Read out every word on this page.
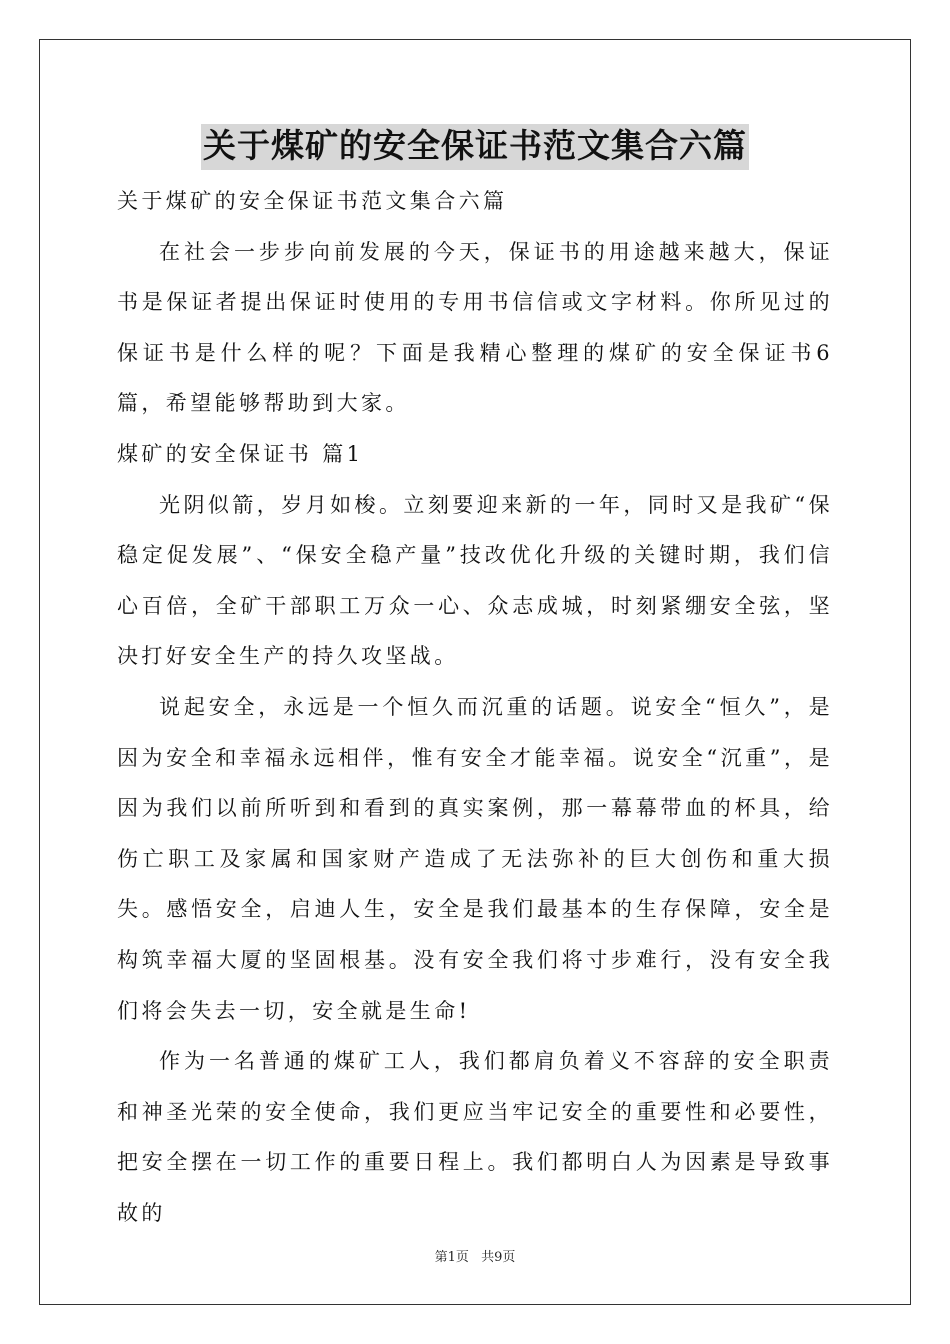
关于煤矿的安全保证书范文集合六篇

关于煤矿的安全保证书范文集合六篇

在社会一步步向前发展的今天，保证书的用途越来越大，保证书是保证者提出保证时使用的专用书信信或文字材料。你所见过的保证书是什么样的呢？下面是我精心整理的煤矿的安全保证书6篇，希望能够帮助到大家。

煤矿的安全保证书 篇1

光阴似箭，岁月如梭。立刻要迎来新的一年，同时又是我矿“保稳定促发展”、“保安全稳产量”技改优化升级的关键时期，我们信心百倍，全矿干部职工万众一心、众志成城，时刻紧绷安全弦，坚决打好安全生产的持久攻坚战。

说起安全，永远是一个恒久而沉重的话题。说安全“恒久”，是因为安全和幸福永远相伴，惟有安全才能幸福。说安全“沉重”，是因为我们以前所听到和看到的真实案例，那一幕幕带血的杯具，给伤亡职工及家属和国家财产造成了无法弥补的巨大创伤和重大损失。感悟安全，启迪人生，安全是我们最基本的生存保障，安全是构筑幸福大厦的坚固根基。没有安全我们将寸步难行，没有安全我们将会失去一切，安全就是生命!

作为一名普通的煤矿工人，我们都肩负着义不容辞的安全职责和神圣光荣的安全使命，我们更应当牢记安全的重要性和必要性，把安全摆在一切工作的重要日程上。我们都明白人为因素是导致事故的

第1页 共9页
